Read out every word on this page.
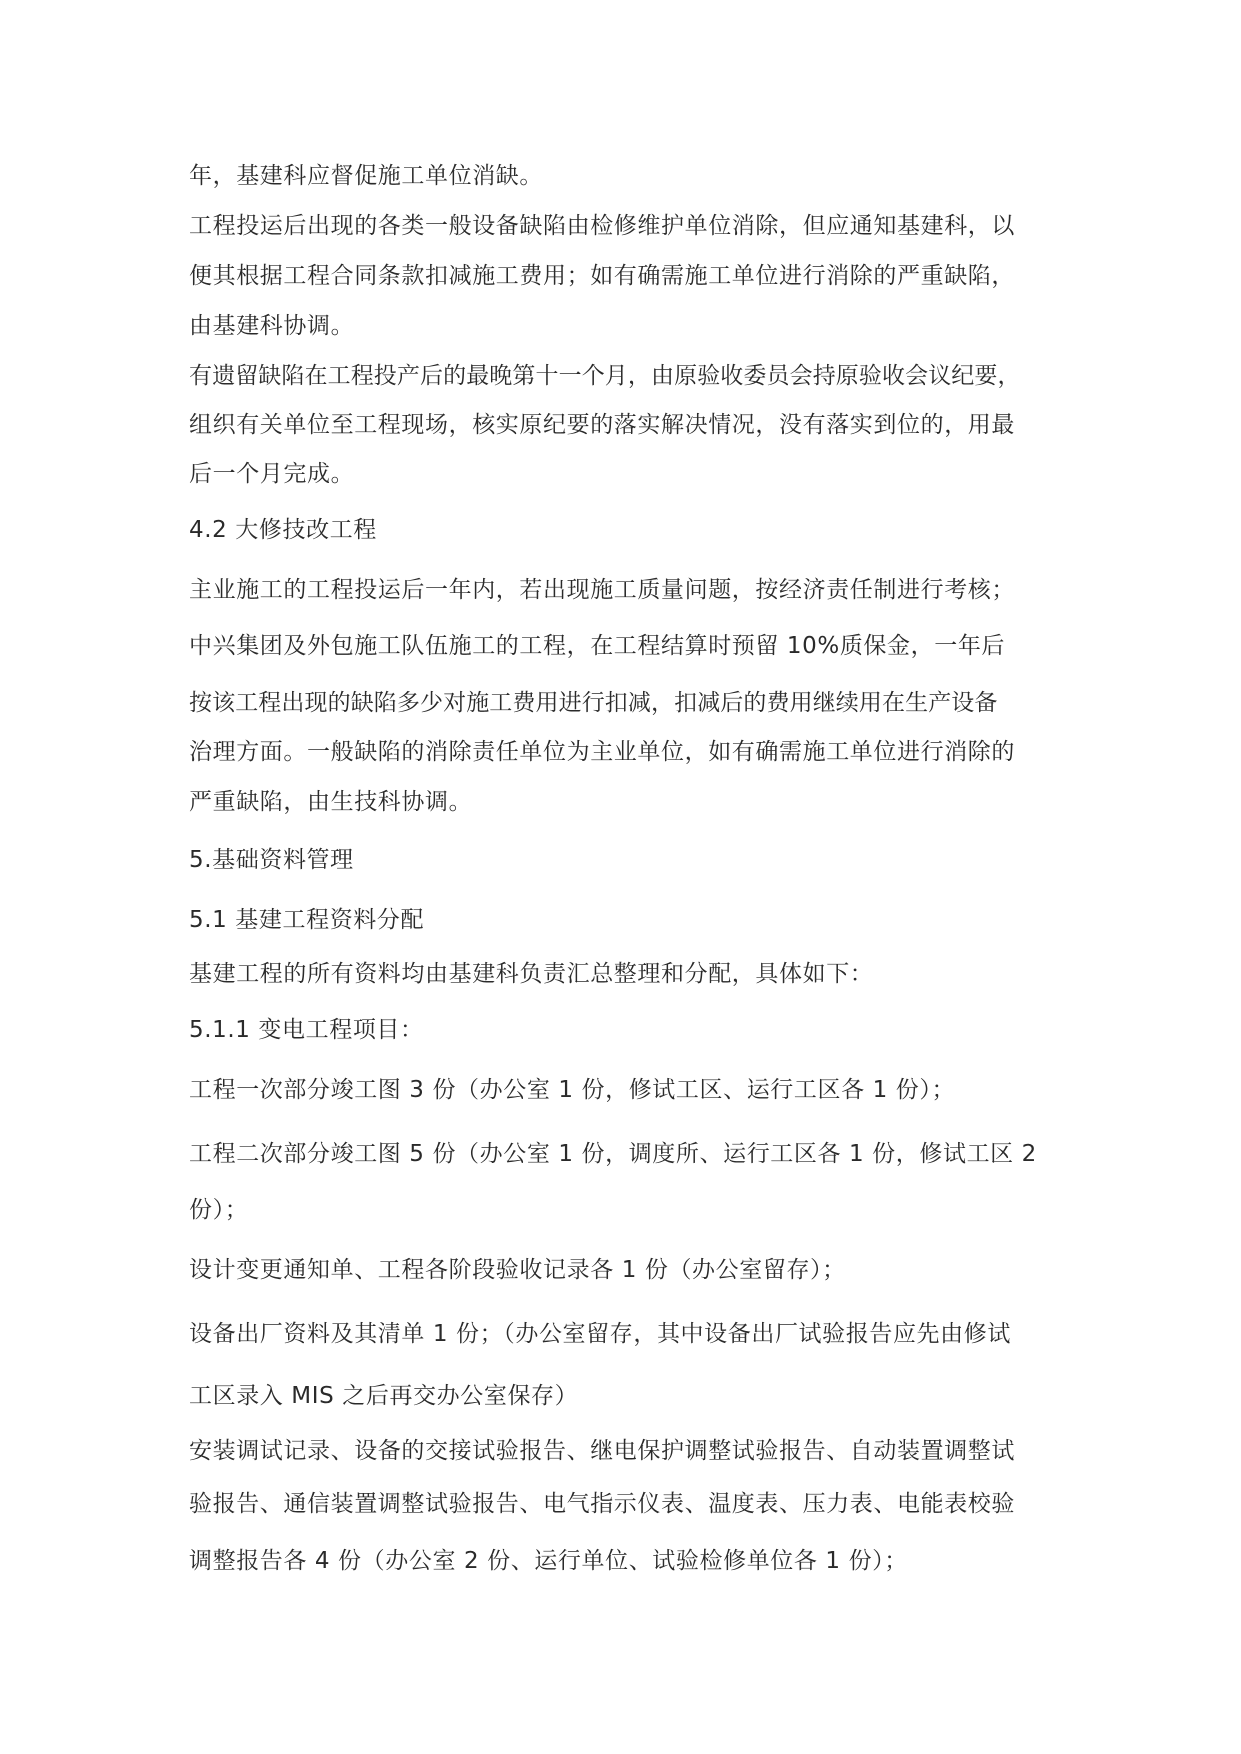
年，基建科应督促施工单位消缺。
工程投运后出现的各类一般设备缺陷由检修维护单位消除，但应通知基建科，以
便其根据工程合同条款扣减施工费用；如有确需施工单位进行消除的严重缺陷，
由基建科协调。
有遗留缺陷在工程投产后的最晚第十一个月，由原验收委员会持原验收会议纪要，
组织有关单位至工程现场，核实原纪要的落实解决情况，没有落实到位的，用最
后一个月完成。
4.2 大修技改工程
主业施工的工程投运后一年内，若出现施工质量问题，按经济责任制进行考核；
中兴集团及外包施工队伍施工的工程，在工程结算时预留 10%质保金，一年后
按该工程出现的缺陷多少对施工费用进行扣减，扣减后的费用继续用在生产设备
治理方面。一般缺陷的消除责任单位为主业单位，如有确需施工单位进行消除的
严重缺陷，由生技科协调。
5.基础资料管理
5.1 基建工程资料分配
基建工程的所有资料均由基建科负责汇总整理和分配，具体如下：
5.1.1 变电工程项目：
工程一次部分竣工图 3 份（办公室 1 份，修试工区、运行工区各 1 份）；
工程二次部分竣工图 5 份（办公室 1 份，调度所、运行工区各 1 份，修试工区 2
份）；
设计变更通知单、工程各阶段验收记录各 1 份（办公室留存）；
设备出厂资料及其清单 1 份；（办公室留存，其中设备出厂试验报告应先由修试
工区录入 MIS 之后再交办公室保存）
安装调试记录、设备的交接试验报告、继电保护调整试验报告、自动装置调整试
验报告、通信装置调整试验报告、电气指示仪表、温度表、压力表、电能表校验
调整报告各 4 份（办公室 2 份、运行单位、试验检修单位各 1 份）；
